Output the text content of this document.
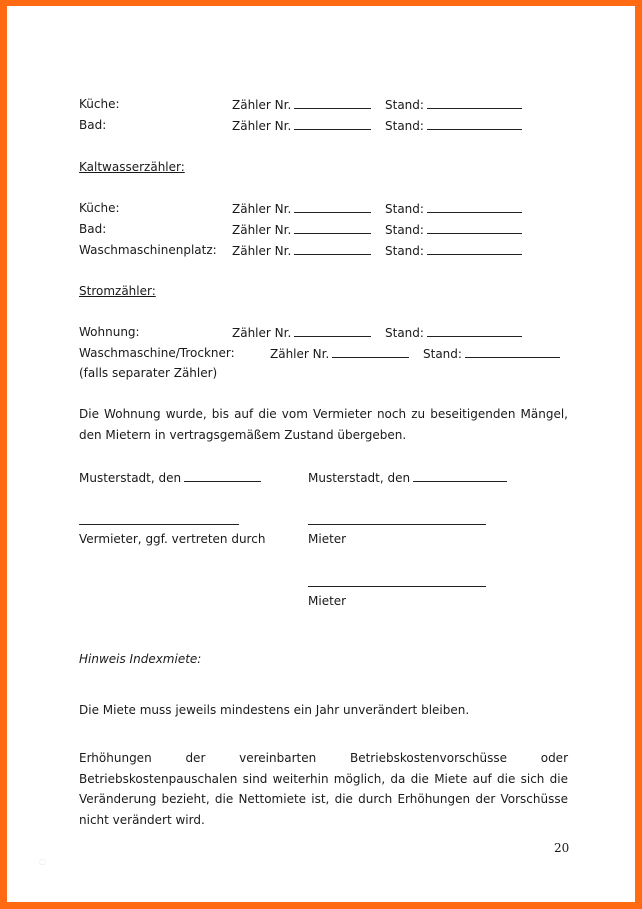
Küche:	Zähler Nr.	Stand:
Bad:	Zähler Nr.	Stand:
Kaltwasserzähler:
Küche:	Zähler Nr.	Stand:
Bad:	Zähler Nr.	Stand:
Waschmaschinenplatz: Zähler Nr.	Stand:
Stromzähler:
Wohnung:	Zähler Nr.	Stand:
Waschmaschine/Trockner:	Zähler Nr.	Stand:
(falls separater Zähler)
Die Wohnung wurde, bis auf die vom Vermieter noch zu beseitigenden Mängel, den Mietern in vertragsgemäßem Zustand übergeben.
Musterstadt, den	Musterstadt, den
Vermieter, ggf. vertreten durch	Mieter
Mieter
Hinweis Indexmiete:
Die Miete muss jeweils mindestens ein Jahr unverändert bleiben.
Erhöhungen der vereinbarten Betriebskostenvorschüsse oder Betriebskostenpauschalen sind weiterhin möglich, da die Miete auf die sich die Veränderung bezieht, die Nettomiete ist, die durch Erhöhungen der Vorschüsse nicht verändert wird.
20
○
